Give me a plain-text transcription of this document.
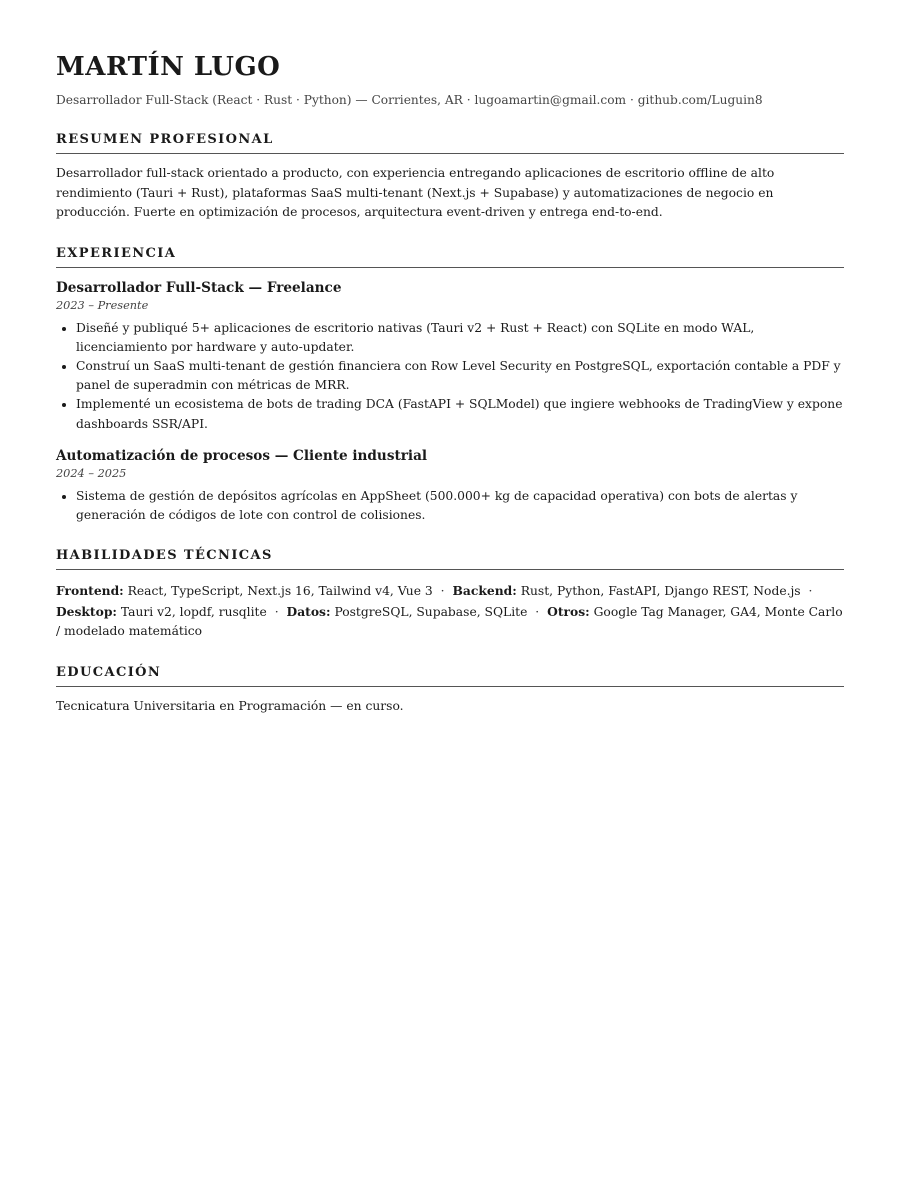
MARTÍN LUGO
Desarrollador Full-Stack (React · Rust · Python) — Corrientes, AR · lugoamartin@gmail.com · github.com/Luguin8
RESUMEN PROFESIONAL
Desarrollador full-stack orientado a producto, con experiencia entregando aplicaciones de escritorio offline de alto rendimiento (Tauri + Rust), plataformas SaaS multi-tenant (Next.js + Supabase) y automatizaciones de negocio en producción. Fuerte en optimización de procesos, arquitectura event-driven y entrega end-to-end.
EXPERIENCIA
Desarrollador Full-Stack — Freelance
2023 – Presente
• Diseñé y publiqué 5+ aplicaciones de escritorio nativas (Tauri v2 + Rust + React) con SQLite en modo WAL, licenciamiento por hardware y auto-updater.
• Construí un SaaS multi-tenant de gestión financiera con Row Level Security en PostgreSQL, exportación contable a PDF y panel de superadmin con métricas de MRR.
• Implementé un ecosistema de bots de trading DCA (FastAPI + SQLModel) que ingiere webhooks de TradingView y expone dashboards SSR/API.
Automatización de procesos — Cliente industrial
2024 – 2025
• Sistema de gestión de depósitos agrícolas en AppSheet (500.000+ kg de capacidad operativa) con bots de alertas y generación de códigos de lote con control de colisiones.
HABILIDADES TÉCNICAS
Frontend: React, TypeScript, Next.js 16, Tailwind v4, Vue 3 · Backend: Rust, Python, FastAPI, Django REST, Node.js · Desktop: Tauri v2, lopdf, rusqlite · Datos: PostgreSQL, Supabase, SQLite · Otros: Google Tag Manager, GA4, Monte Carlo / modelado matemático
EDUCACIÓN
Tecnicatura Universitaria en Programación — en curso.
